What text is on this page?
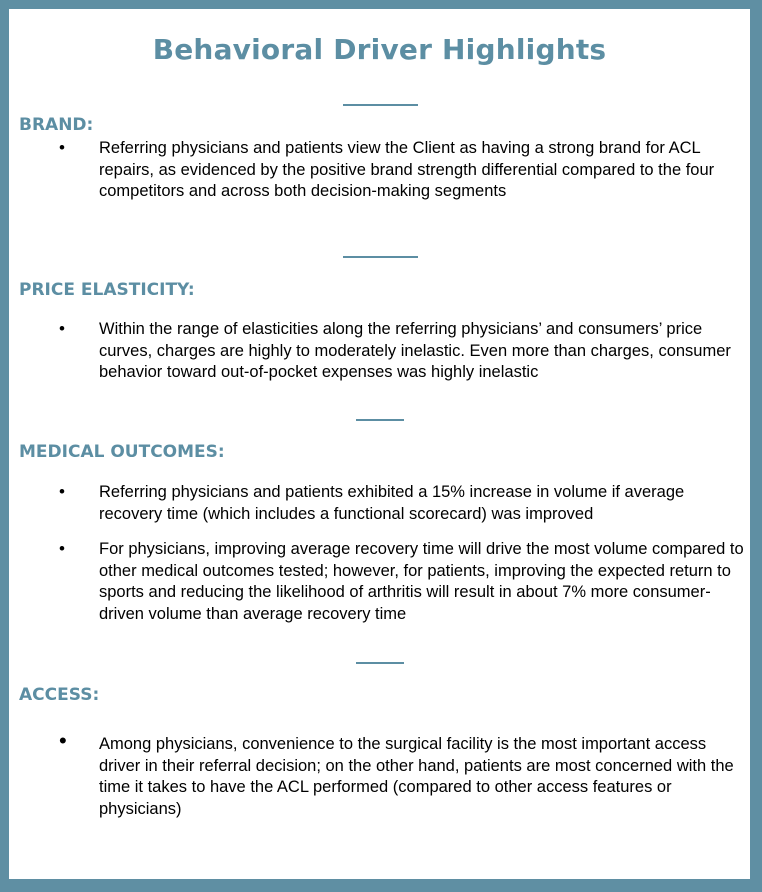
Behavioral Driver Highlights
BRAND:
• Referring physicians and patients view the Client as having a strong brand for ACL repairs, as evidenced by the positive brand strength differential compared to the four competitors and across both decision-making segments
PRICE ELASTICITY:
• Within the range of elasticities along the referring physicians’ and consumers’ price curves, charges are highly to moderately inelastic. Even more than charges, consumer behavior toward out-of-pocket expenses was highly inelastic
MEDICAL OUTCOMES:
• Referring physicians and patients exhibited a 15% increase in volume if average recovery time (which includes a functional scorecard) was improved
• For physicians, improving average recovery time will drive the most volume compared to other medical outcomes tested; however, for patients, improving the expected return to sports and reducing the likelihood of arthritis will result in about 7% more consumer-driven volume than average recovery time
ACCESS:
• Among physicians, convenience to the surgical facility is the most important access driver in their referral decision; on the other hand, patients are most concerned with the time it takes to have the ACL performed (compared to other access features or physicians)
